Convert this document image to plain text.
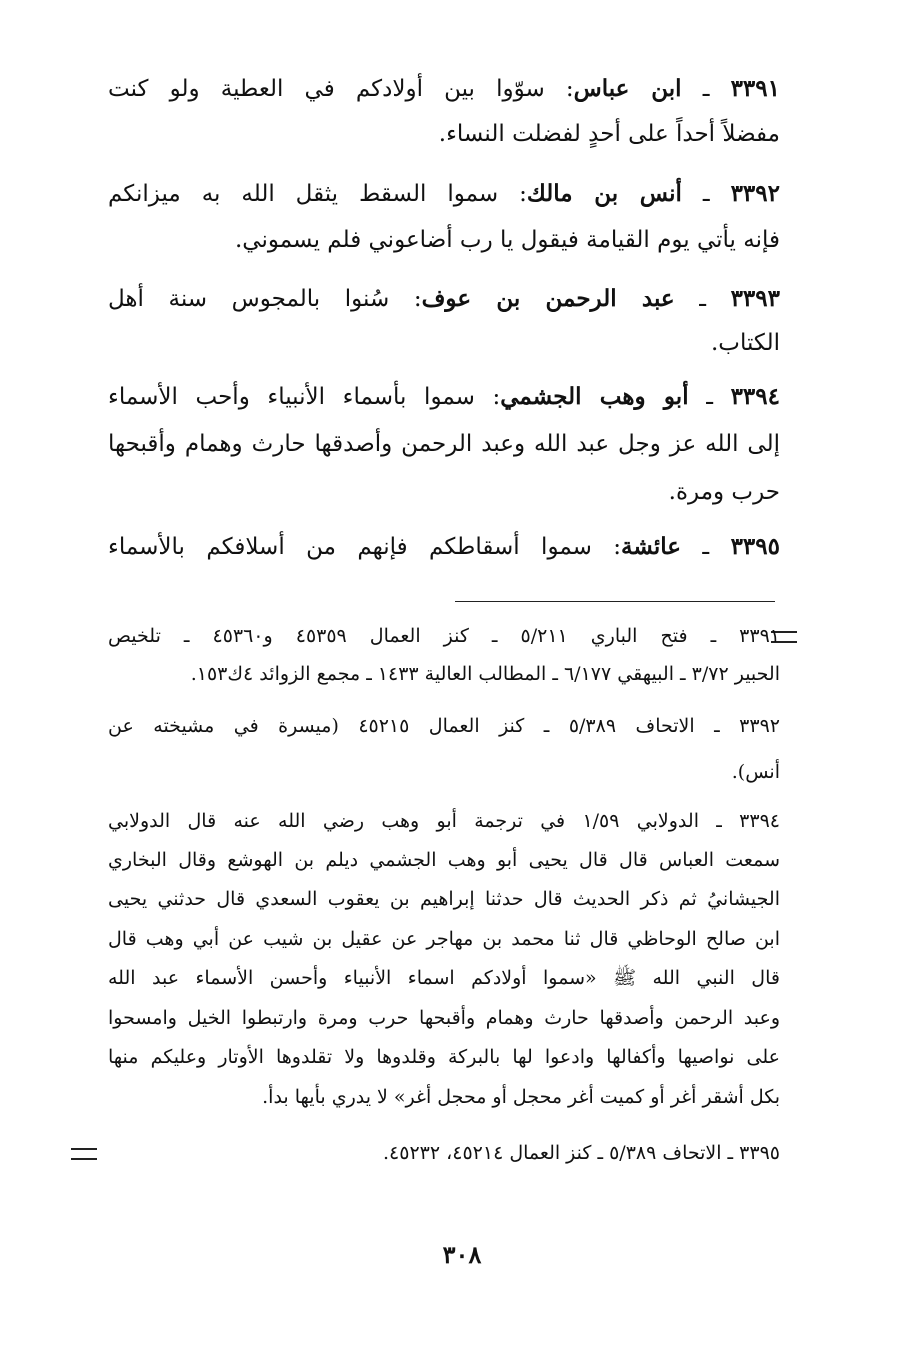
٣٣٩١ ـ ابن عباس: سوّوا بين أولادكم في العطية ولو كنت
مفضلاً أحداً على أحدٍ لفضلت النساء.
٣٣٩٢ ـ أنس بن مالك: سموا السقط يثقل الله به ميزانكم
فإنه يأتي يوم القيامة فيقول يا رب أضاعوني فلم يسموني.
٣٣٩٣ ـ عبد الرحمن بن عوف: سُنوا بالمجوس سنة أهل
الكتاب.
٣٣٩٤ ـ أبو وهب الجشمي: سموا بأسماء الأنبياء وأحب الأسماء
إلى الله عز وجل عبد الله وعبد الرحمن وأصدقها حارث وهمام وأقبحها
حرب ومرة.
٣٣٩٥ ـ عائشة: سموا أسقاطكم فإنهم من أسلافكم بالأسماء
٣٣٩١ ـ فتح الباري ٥/٢١١ ـ كنز العمال ٤٥٣٥٩ و٤٥٣٦٠ ـ تلخيص
الحبير ٣/٧٢ ـ البيهقي ٦/١٧٧ ـ المطالب العالية ١٤٣٣ ـ مجمع الزوائد ٤ك١٥٣.
٣٣٩٢ ـ الاتحاف ٥/٣٨٩ ـ كنز العمال ٤٥٢١٥ (ميسرة في مشيخته عن
أنس).
٣٣٩٤ ـ الدولابي ١/٥٩ في ترجمة أبو وهب رضي الله عنه قال الدولابي
سمعت العباس قال قال يحيى أبو وهب الجشمي ديلم بن الهوشع وقال البخاري
الجيشانيُ ثم ذكر الحديث قال حدثنا إبراهيم بن يعقوب السعدي قال حدثني يحيى
ابن صالح الوحاظي قال ثنا محمد بن مهاجر عن عقيل بن شيب عن أبي وهب قال
قال النبي الله ﷺ «سموا أولادكم اسماء الأنبياء وأحسن الأسماء عبد الله
وعبد الرحمن وأصدقها حارث وهمام وأقبحها حرب ومرة وارتبطوا الخيل وامسحوا
على نواصيها وأكفالها وادعوا لها بالبركة وقلدوها ولا تقلدوها الأوتار وعليكم منها
بكل أشقر أغر أو كميت أغر محجل أو محجل أغر» لا يدري بأيها بدأ.
٣٣٩٥ ـ الاتحاف ٥/٣٨٩ ـ كنز العمال ٤٥٢١٤، ٤٥٢٣٢.
٣٠٨
